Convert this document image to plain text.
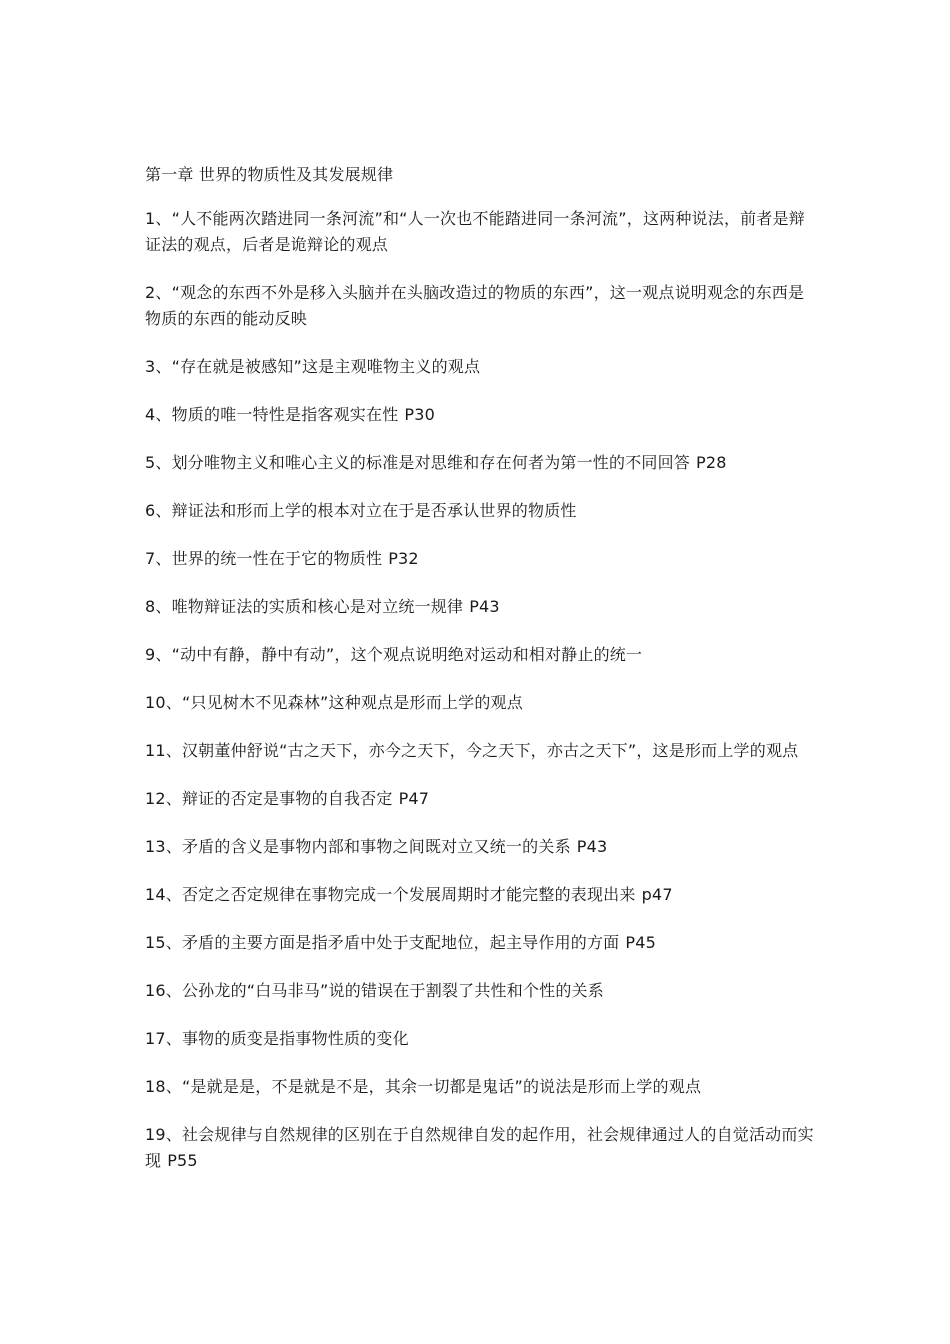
第一章 世界的物质性及其发展规律
1、“人不能两次踏进同一条河流”和“人一次也不能踏进同一条河流”，这两种说法，前者是辩证法的观点，后者是诡辩论的观点
2、“观念的东西不外是移入头脑并在头脑改造过的物质的东西”，这一观点说明观念的东西是物质的东西的能动反映
3、“存在就是被感知”这是主观唯物主义的观点
4、物质的唯一特性是指客观实在性 P30
5、划分唯物主义和唯心主义的标准是对思维和存在何者为第一性的不同回答 P28
6、辩证法和形而上学的根本对立在于是否承认世界的物质性
7、世界的统一性在于它的物质性 P32
8、唯物辩证法的实质和核心是对立统一规律 P43
9、“动中有静，静中有动”，这个观点说明绝对运动和相对静止的统一
10、“只见树木不见森林”这种观点是形而上学的观点
11、汉朝董仲舒说“古之天下，亦今之天下，今之天下，亦古之天下”，这是形而上学的观点
12、辩证的否定是事物的自我否定 P47
13、矛盾的含义是事物内部和事物之间既对立又统一的关系 P43
14、否定之否定规律在事物完成一个发展周期时才能完整的表现出来 p47
15、矛盾的主要方面是指矛盾中处于支配地位，起主导作用的方面 P45
16、公孙龙的“白马非马”说的错误在于割裂了共性和个性的关系
17、事物的质变是指事物性质的变化
18、“是就是是，不是就是不是，其余一切都是鬼话”的说法是形而上学的观点
19、社会规律与自然规律的区别在于自然规律自发的起作用，社会规律通过人的自觉活动而实现 P55
